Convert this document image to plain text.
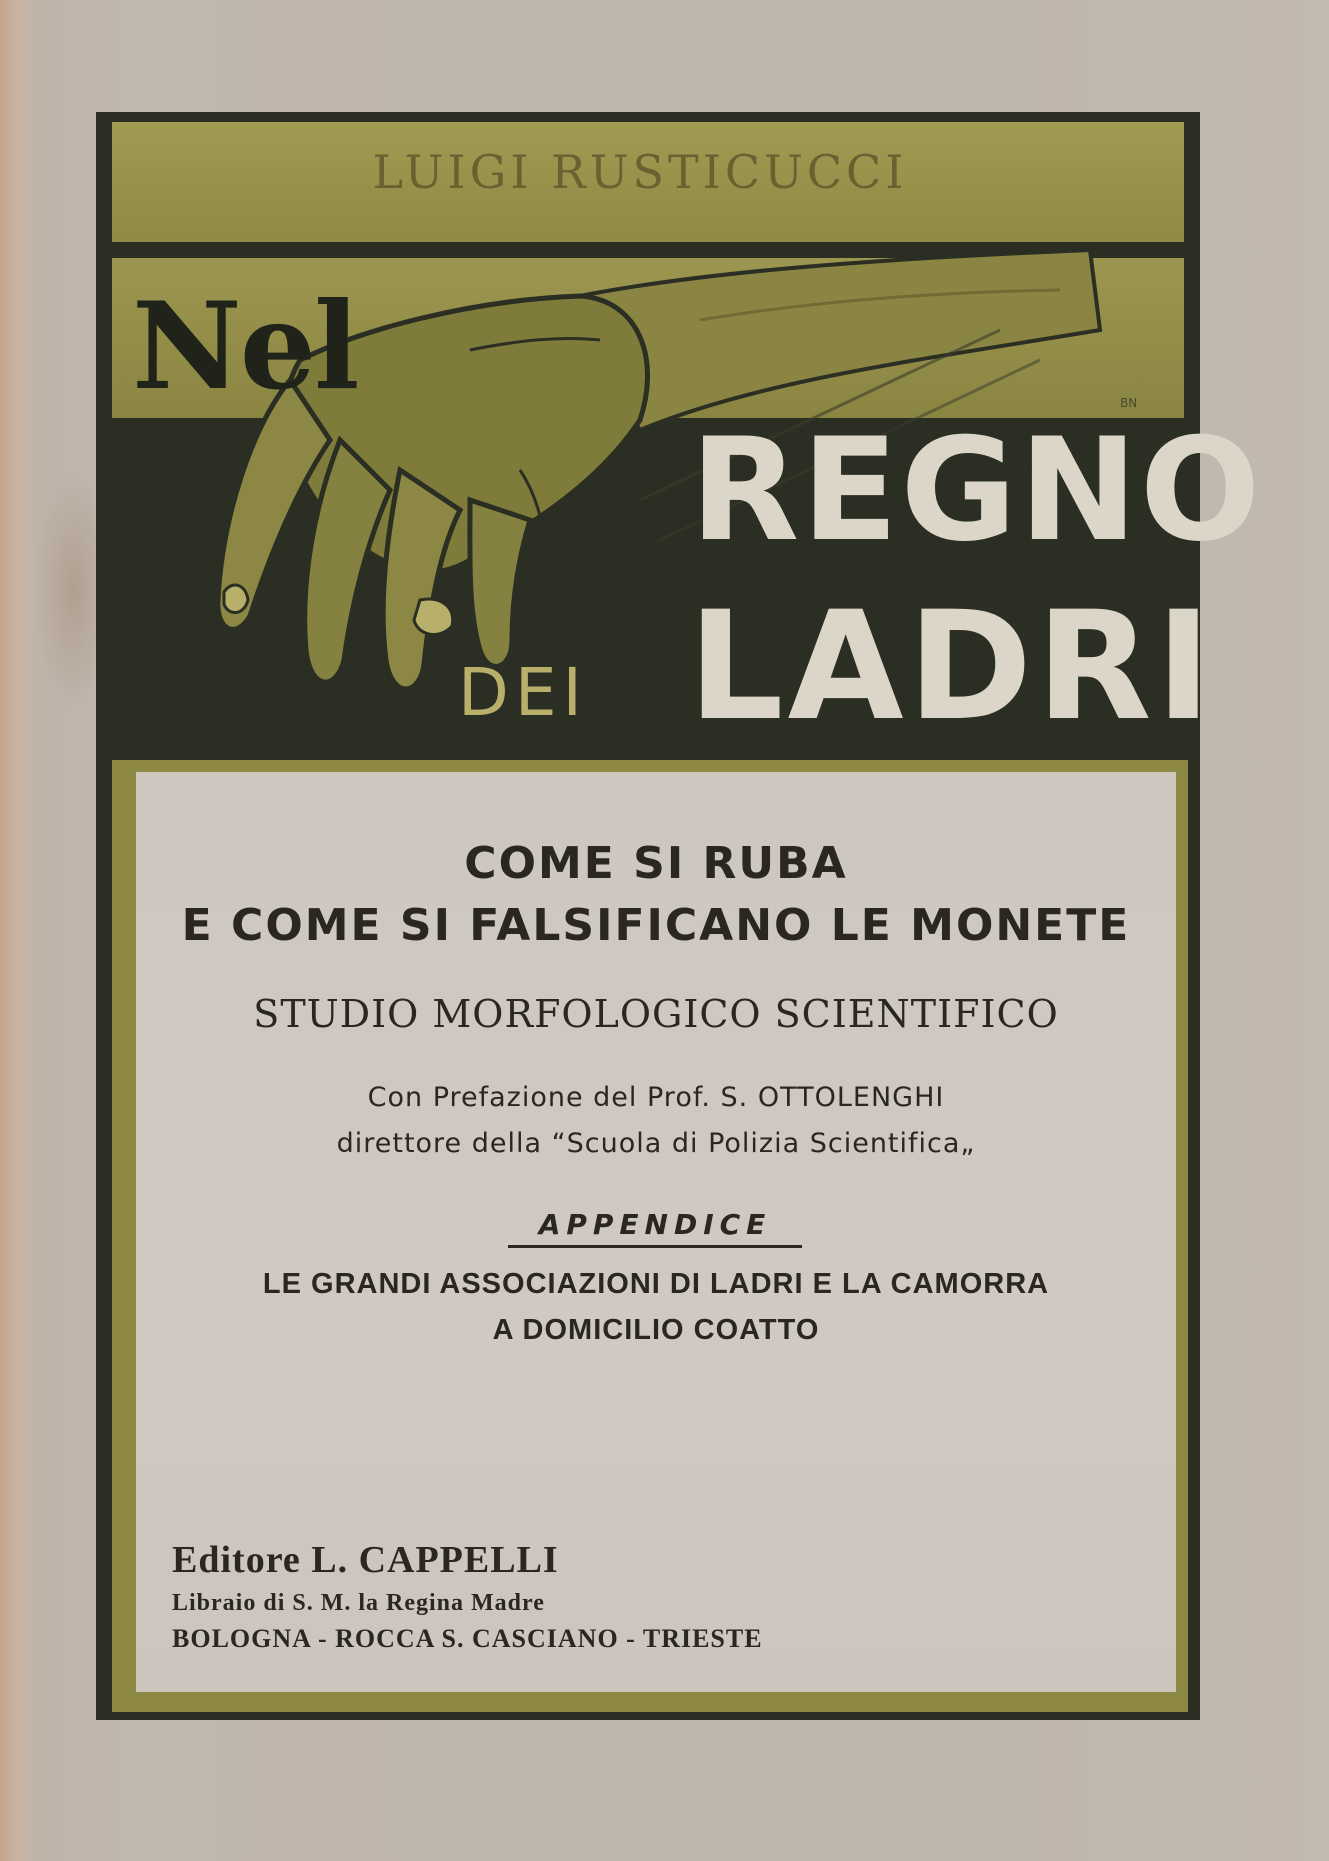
LUIGI RUSTICUCCI
Nel
REGNO
DEI LADRI
BN

COME SI RUBA

E COME SI FALSIFICANO LE MONETE

STUDIO MORFOLOGICO SCIENTIFICO

Con Prefazione del Prof. S. OTTOLENGHI

direttore della “Scuola di Polizia Scientifica„

APPENDICE

LE GRANDI ASSOCIAZIONI DI LADRI E LA CAMORRA

A DOMICILIO COATTO

Editore L. CAPPELLI

Libraio di S. M. la Regina Madre

BOLOGNA - ROCCA S. CASCIANO - TRIESTE
